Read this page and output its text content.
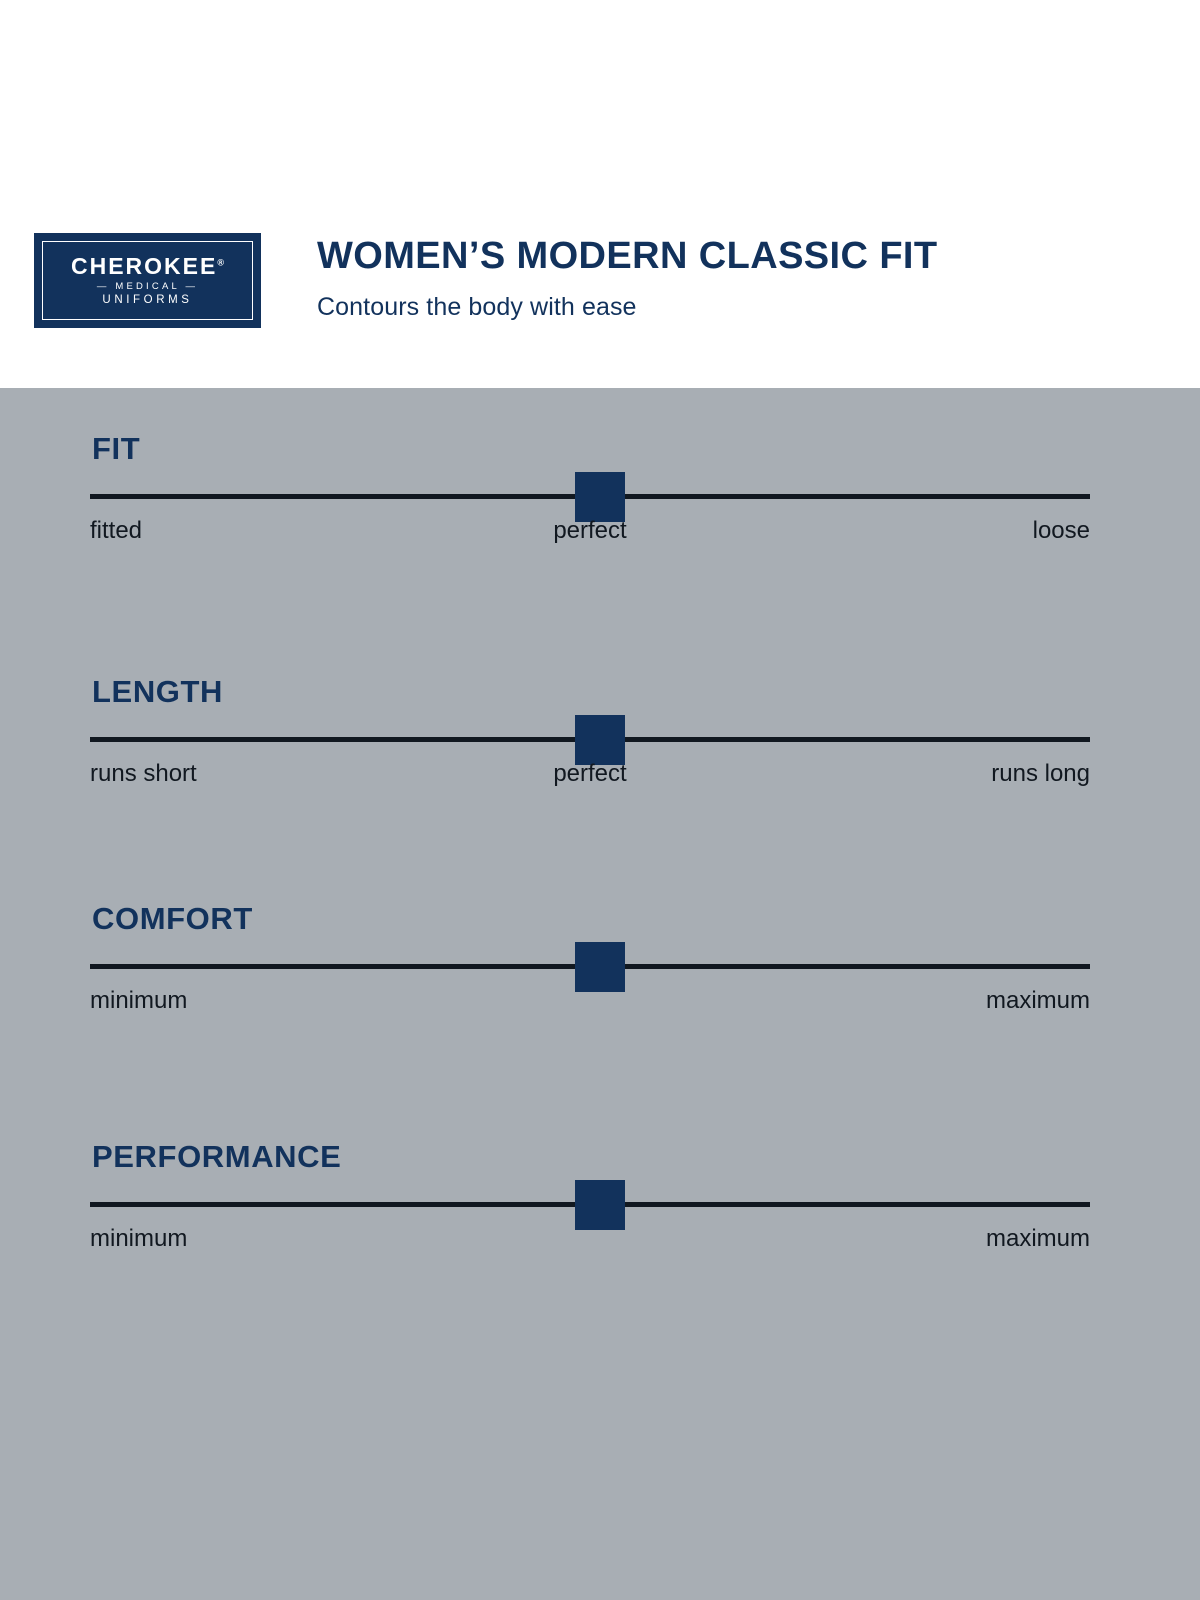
CHEROKEE®
— MEDICAL —
UNIFORMS
WOMEN’S MODERN CLASSIC FIT

Contours the body with ease

FIT
fitted	perfect	loose
LENGTH
runs short	perfect	runs long
COMFORT
minimum	maximum
PERFORMANCE
minimum	maximum
